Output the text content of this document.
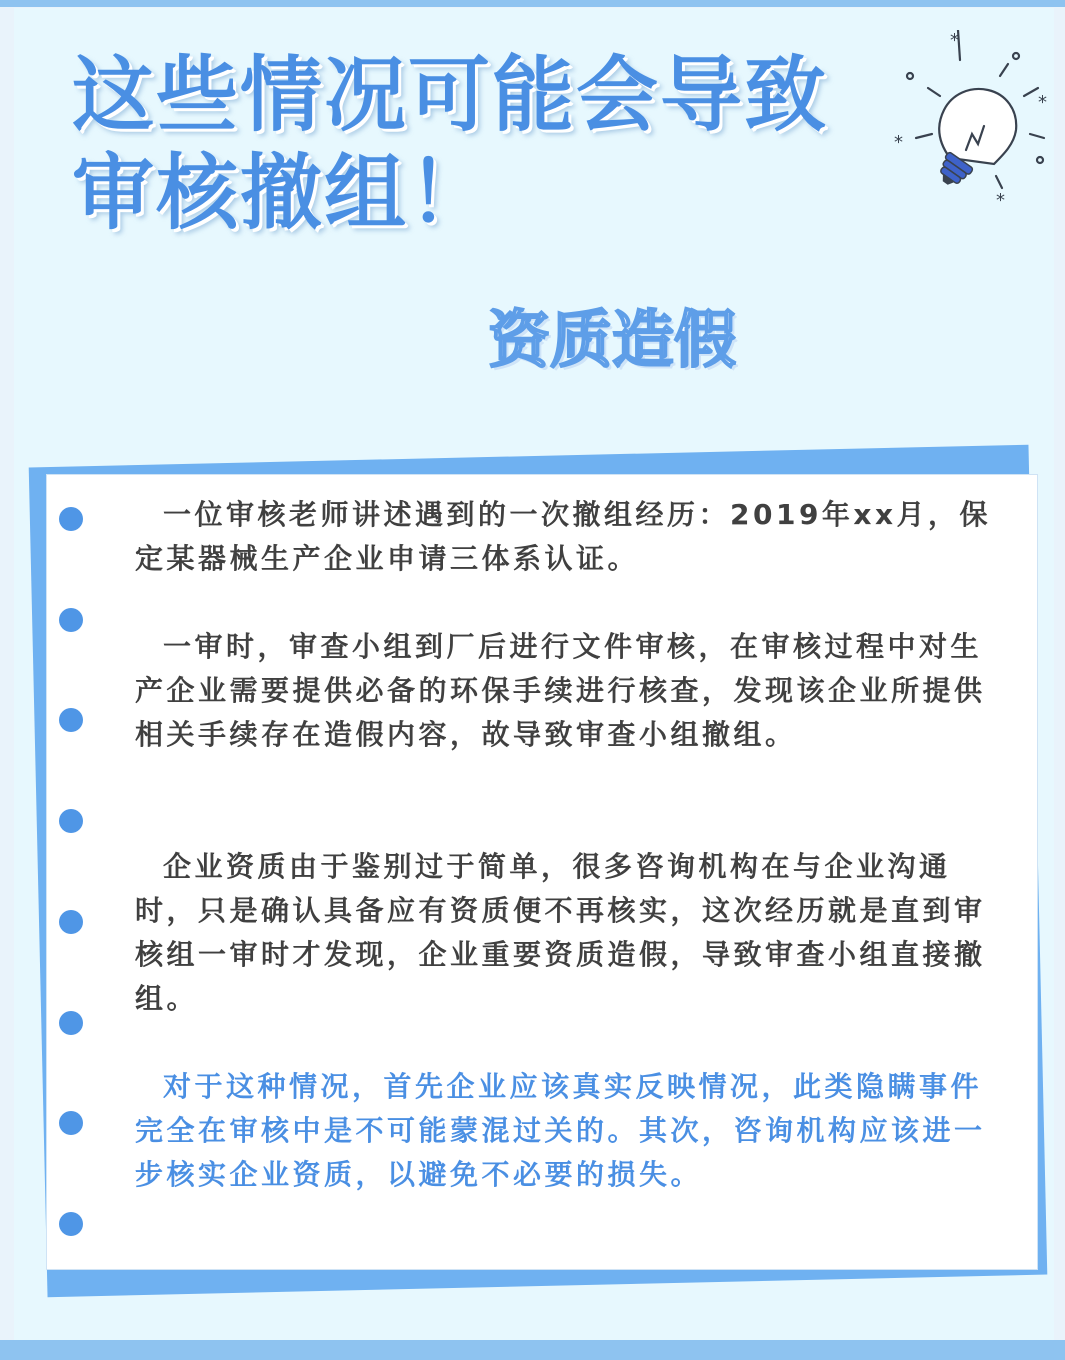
这些情况可能会导致
审核撤组！
*
*
*
*
资质造假

一位审核老师讲述遇到的一次撤组经历：2019年xx月，保定某器械生产企业申请三体系认证。

一审时，审查小组到厂后进行文件审核，在审核过程中对生产企业需要提供必备的环保手续进行核查，发现该企业所提供相关手续存在造假内容，故导致审查小组撤组。

企业资质由于鉴别过于简单，很多咨询机构在与企业沟通时，只是确认具备应有资质便不再核实，这次经历就是直到审核组一审时才发现，企业重要资质造假，导致审查小组直接撤组。

对于这种情况，首先企业应该真实反映情况，此类隐瞒事件完全在审核中是不可能蒙混过关的。其次，咨询机构应该进一步核实企业资质，以避免不必要的损失。
